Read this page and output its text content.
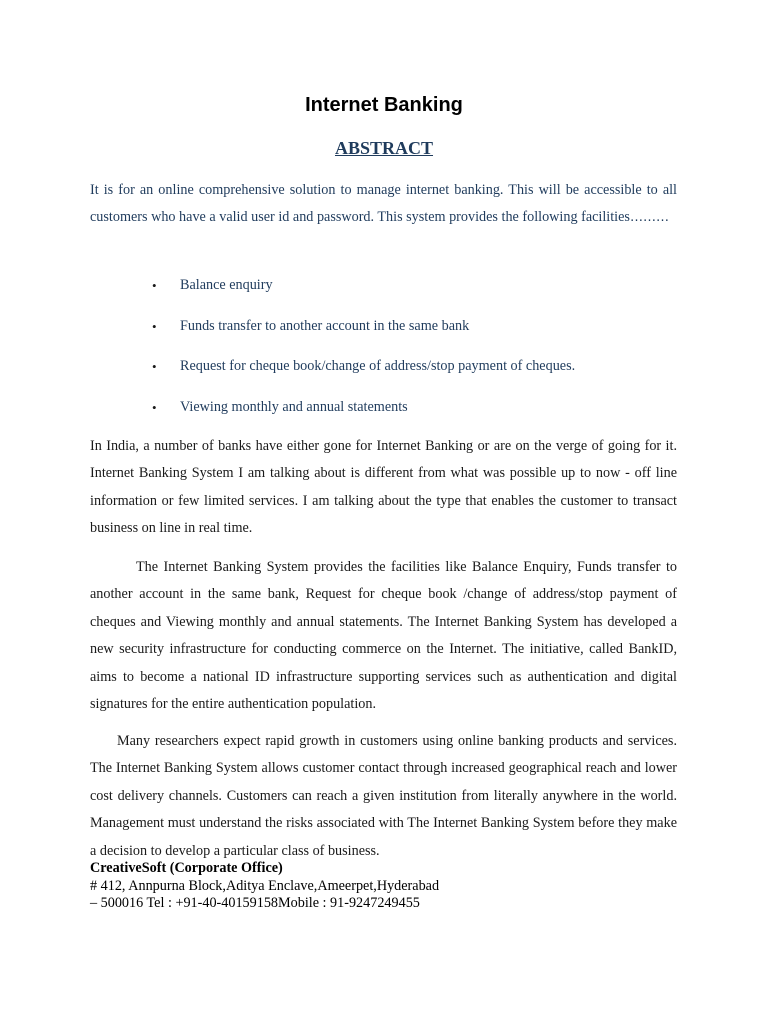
Internet Banking
ABSTRACT
It is for an online comprehensive solution to manage internet banking. This will be accessible to all customers who have a valid user id and password. This system provides the following facilities………
• Balance enquiry
• Funds transfer to another account in the same bank
• Request for cheque book/change of address/stop payment of cheques.
• Viewing monthly and annual statements
In India, a number of banks have either gone for Internet Banking or are on the verge of going for it. Internet Banking System I am talking about is different from what was possible up to now - off line information or few limited services. I am talking about the type that enables the customer to transact business on line in real time.
The Internet Banking System provides the facilities like Balance Enquiry, Funds transfer to another account in the same bank, Request for cheque book /change of address/stop payment of cheques and Viewing monthly and annual statements. The Internet Banking System has developed a new security infrastructure for conducting commerce on the Internet. The initiative, called BankID, aims to become a national ID infrastructure supporting services such as authentication and digital signatures for the entire authentication population.
Many researchers expect rapid growth in customers using online banking products and services. The Internet Banking System allows customer contact through increased geographical reach and lower cost delivery channels. Customers can reach a given institution from literally anywhere in the world. Management must understand the risks associated with The Internet Banking System before they make a decision to develop a particular class of business.
CreativeSoft (Corporate Office)
# 412, Annpurna Block,Aditya Enclave,Ameerpet,Hyderabad
– 500016 Tel : +91-40-40159158Mobile : 91-9247249455
